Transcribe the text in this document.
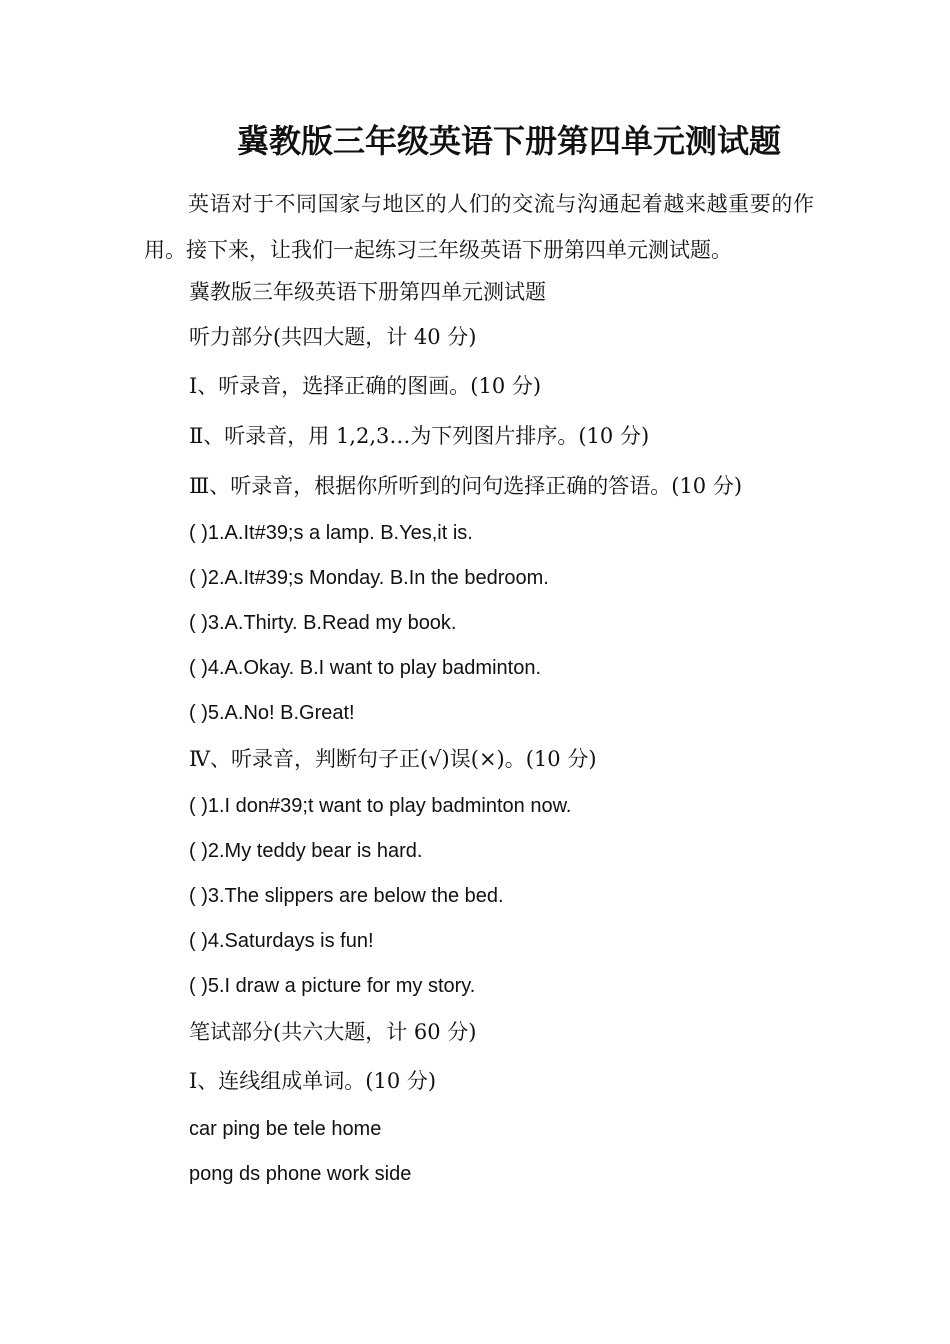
冀教版三年级英语下册第四单元测试题
英语对于不同国家与地区的人们的交流与沟通起着越来越重要的作用。接下来，让我们一起练习三年级英语下册第四单元测试题。
冀教版三年级英语下册第四单元测试题
听力部分(共四大题，计 40 分)
Ⅰ、听录音，选择正确的图画。(10 分)
Ⅱ、听录音，用 1,2,3…为下列图片排序。(10 分)
Ⅲ、听录音，根据你所听到的问句选择正确的答语。(10 分)
( )1.A.It#39;s a lamp. B.Yes,it is.
( )2.A.It#39;s Monday. B.In the bedroom.
( )3.A.Thirty. B.Read my book.
( )4.A.Okay. B.I want to play badminton.
( )5.A.No! B.Great!
Ⅳ、听录音，判断句子正(√)误(×)。(10 分)
( )1.I don#39;t want to play badminton now.
( )2.My teddy bear is hard.
( )3.The slippers are below the bed.
( )4.Saturdays is fun!
( )5.I draw a picture for my story.
笔试部分(共六大题，计 60 分)
Ⅰ、连线组成单词。(10 分)
car ping be tele home
pong ds phone work side
